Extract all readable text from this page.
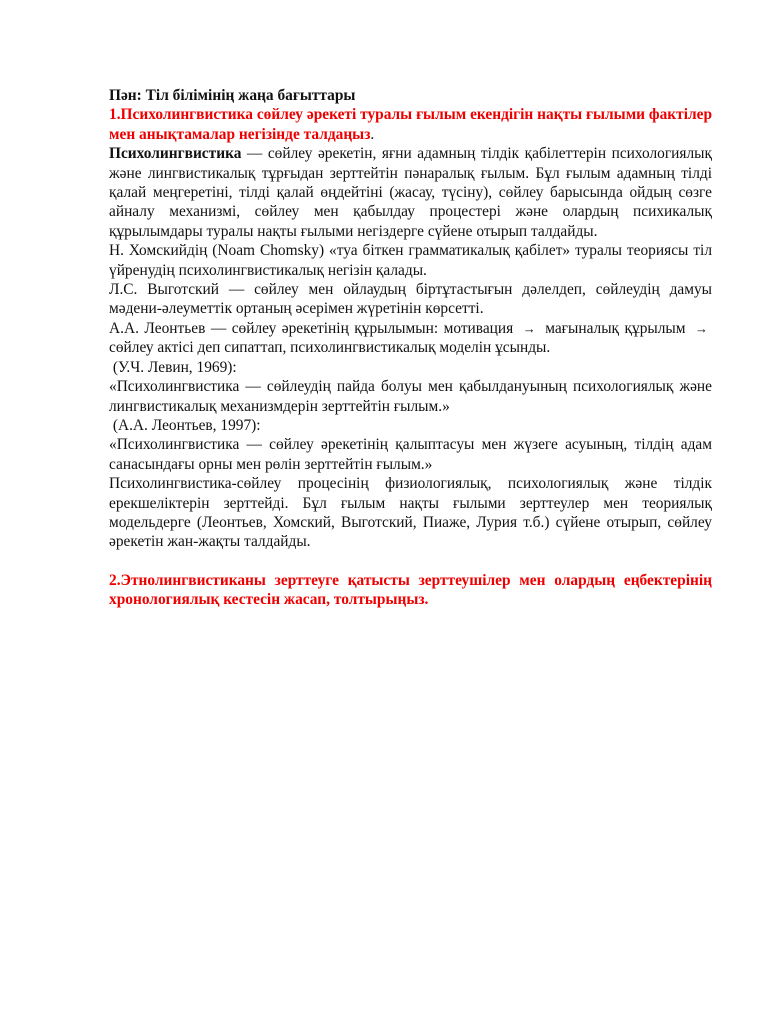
Пән: Тіл білімінің жаңа бағыттары

1.Психолингвистика сөйлеу әрекеті туралы ғылым екендігін нақты ғылыми фактілер мен анықтамалар негізінде талдаңыз.

Психолингвистика — сөйлеу әрекетін, яғни адамның тілдік қабілеттерін психологиялық және лингвистикалық тұрғыдан зерттейтін пәнаралық ғылым. Бұл ғылым адамның тілді қалай меңгеретіні, тілді қалай өңдейтіні (жасау, түсіну), сөйлеу барысында ойдың сөзге айналу механизмі, сөйлеу мен қабылдау процестері және олардың психикалық құрылымдары туралы нақты ғылыми негіздерге сүйене отырып талдайды.

Н. Хомскийдің (Noam Chomsky) «туа біткен грамматикалық қабілет» туралы теориясы тіл үйренудің психолингвистикалық негізін қалады.

Л.С. Выготский — сөйлеу мен ойлаудың біртұтастығын дәлелдеп, сөйлеудің дамуы мәдени-әлеуметтік ортаның әсерімен жүретінін көрсетті.

А.А. Леонтьев — сөйлеу әрекетінің құрылымын: мотивация → мағыналық құрылым → сөйлеу актісі деп сипаттап, психолингвистикалық моделін ұсынды.

(У.Ч. Левин, 1969):

«Психолингвистика — сөйлеудің пайда болуы мен қабылдануының психологиялық және лингвистикалық механизмдерін зерттейтін ғылым.»

(А.А. Леонтьев, 1997):

«Психолингвистика — сөйлеу әрекетінің қалыптасуы мен жүзеге асуының, тілдің адам санасындағы орны мен рөлін зерттейтін ғылым.»

Психолингвистика-сөйлеу процесінің физиологиялық, психологиялық және тілдік ерекшеліктерін зерттейді. Бұл ғылым нақты ғылыми зерттеулер мен теориялық модельдерге (Леонтьев, Хомский, Выготский, Пиаже, Лурия т.б.) сүйене отырып, сөйлеу әрекетін жан-жақты талдайды.

2.Этнолингвистиканы зерттеуге қатысты зерттеушілер мен олардың еңбектерінің хронологиялық кестесін жасап, толтырыңыз.
